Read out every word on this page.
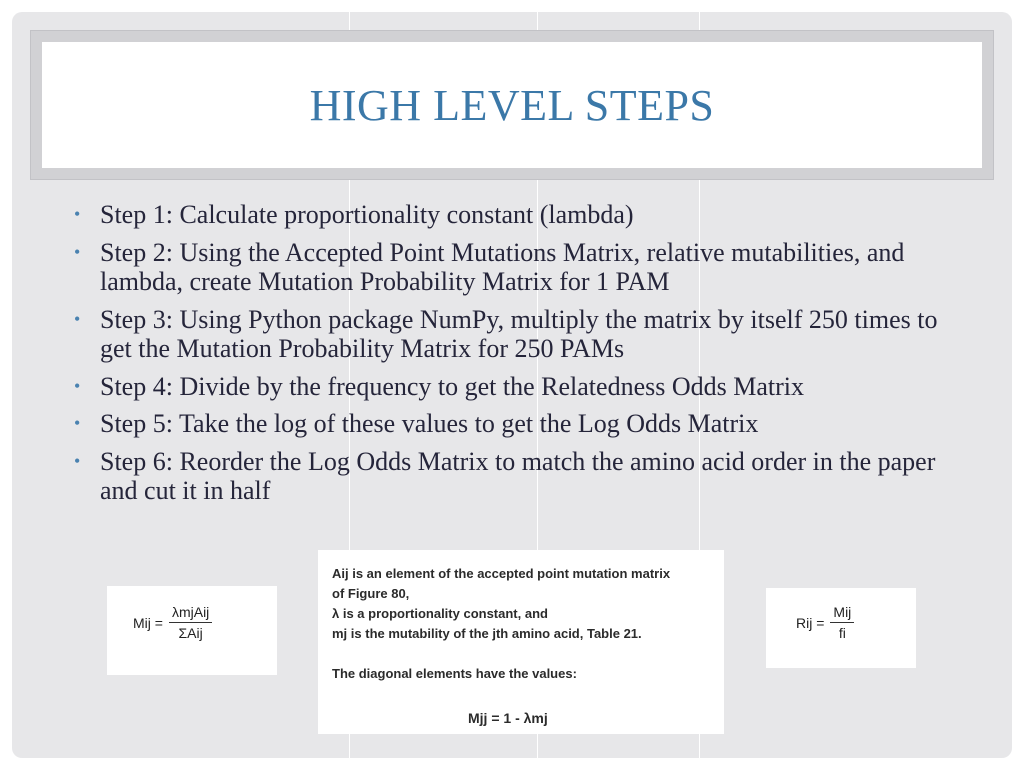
HIGH LEVEL STEPS
• Step 1: Calculate proportionality constant (lambda)
• Step 2: Using the Accepted Point Mutations Matrix, relative mutabilities, and lambda, create Mutation Probability Matrix for 1 PAM
• Step 3: Using Python package NumPy, multiply the matrix by itself 250 times to get the Mutation Probability Matrix for 250 PAMs
• Step 4: Divide by the frequency to get the Relatedness Odds Matrix
• Step 5: Take the log of these values to get the Log Odds Matrix
• Step 6: Reorder the Log Odds Matrix to match the amino acid order in the paper and cut it in half
Mij = $\frac{\text{λmjAij}}{\text{ΣAij}}$
Aij is an element of the accepted point mutation matrix
of Figure 80,
λ is a proportionality constant, and
mj is the mutability of the jth amino acid, Table 21.
The diagonal elements have the values:
Mjj = 1 - λmj
Rij = $\frac{\text{Mij}}{fi}$
